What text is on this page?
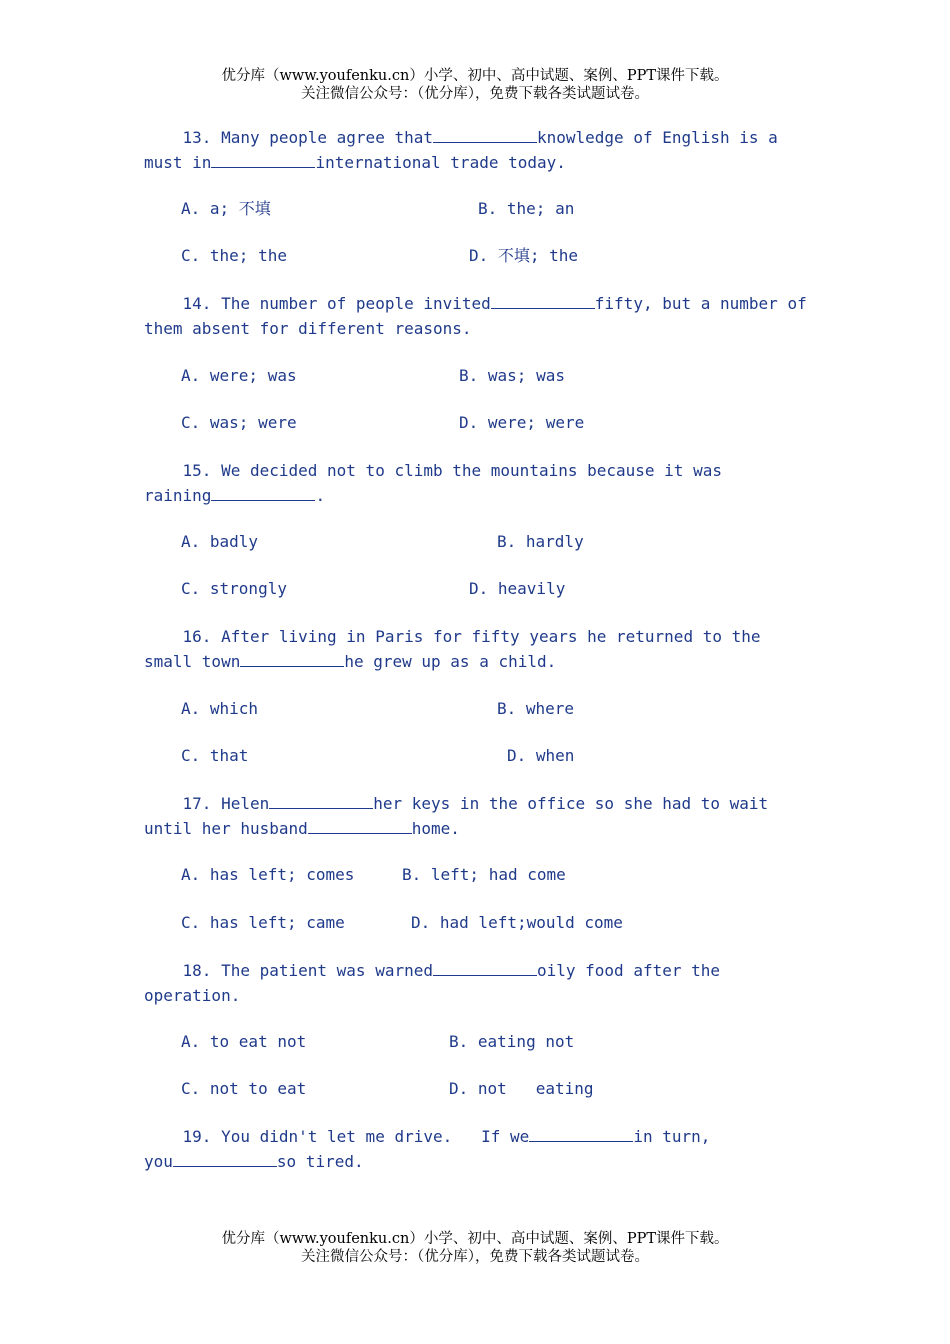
优分库（www.youfenku.cn）小学、初中、高中试题、案例、PPT课件下载。
关注微信公众号：（优分库），免费下载各类试题试卷。
13. Many people agree that	knowledge of English is a
must in	international trade today.
A. a; 不填	B. the; an
C. the; the	D. 不填; the
14. The number of people invited	fifty, but a number of
them absent for different reasons.
A. were; was	B. was; was
C. was; were	D. were; were
15. We decided not to climb the mountains because it was
raining	.
A. badly	B. hardly
C. strongly	D. heavily
16. After living in Paris for fifty years he returned to the
small town	he grew up as a child.
A. which	B. where
C. that	D. when
17. Helen	her keys in the office so she had to wait
until her husband	home.
A. has left; comes	B. left; had come
C. has left; came	D. had left;would come
18. The patient was warned	oily food after the
operation.
A. to eat not	B. eating not
C. not to eat	D. not   eating
19. You didn't let me drive.   If we	in turn,
you	so tired.
优分库（www.youfenku.cn）小学、初中、高中试题、案例、PPT课件下载。
关注微信公众号：（优分库），免费下载各类试题试卷。
